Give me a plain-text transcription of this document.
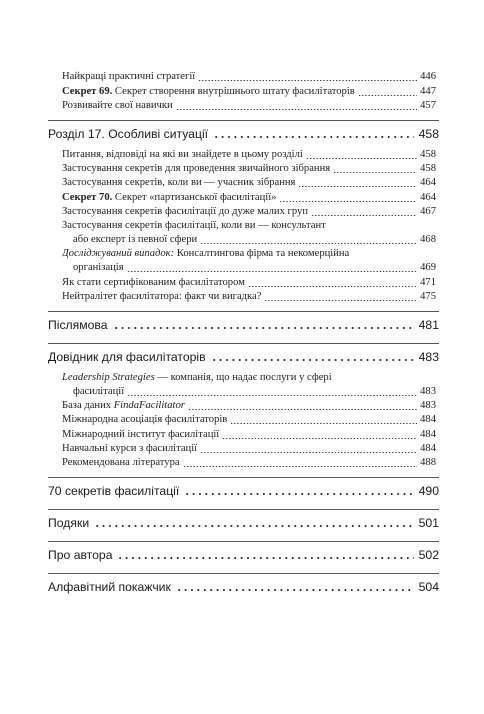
Найкращі практичні стратегії	446
Секрет 69. Секрет створення внутрішнього штату фасилітаторів	447
Розвивайте свої навички	457
Розділ 17. Особливі ситуації	458
Питання, відповіді на які ви знайдете в цьому розділі	458
Застосування секретів для проведення звичайного зібрання	458
Застосування секретів, коли ви — учасник зібрання	464
Секрет 70. Секрет «партизанської фасилітації»	464
Застосування секретів фасилітації до дуже малих груп	467
Застосування секретів фасилітації, коли ви — консультант
або експерт із певної сфери	468
Досліджуваний випадок: Консалтингова фірма та некомерційна
організація	469
Як стати сертифікованим фасилітатором	471
Нейтралітет фасилітатора: факт чи вигадка?	475
Післямова	481
Довідник для фасилітаторів	483
Leadership Strategies — компанія, що надає послуги у сфері
фасилітації	483
База даних FindaFacilitator	483
Міжнародна асоціація фасилітаторів	484
Міжнародний інститут фасилітації	484
Навчальні курси з фасилітації	484
Рекомендована література	488
70 секретів фасилітації	490
Подяки	501
Про автора	502
Алфавітний покажчик	504
